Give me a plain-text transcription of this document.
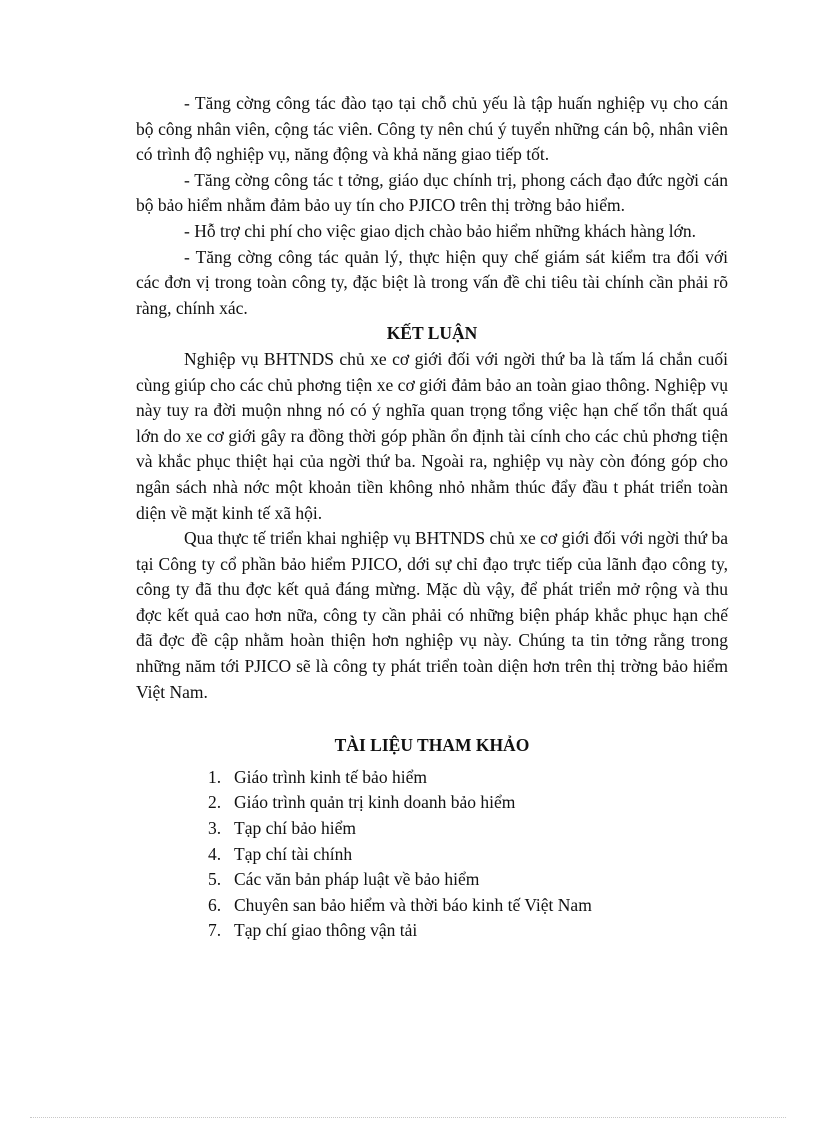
- Tăng cờng công tác đào tạo tại chỗ chủ yếu là tập huấn nghiệp vụ cho cán bộ công nhân viên, cộng tác viên. Công ty nên chú ý tuyển những cán bộ, nhân viên có trình độ nghiệp vụ, năng động và khả năng giao tiếp tốt.

- Tăng cờng công tác t tởng, giáo dục chính trị, phong cách đạo đức ngời cán bộ bảo hiểm nhằm đảm bảo uy tín cho PJICO trên thị trờng bảo hiểm.

- Hỗ trợ chi phí cho việc giao dịch chào bảo hiểm những khách hàng lớn.

- Tăng cờng công tác quản lý, thực hiện quy chế giám sát kiểm tra đối với các đơn vị trong toàn công ty, đặc biệt là trong vấn đề chi tiêu tài chính cần phải rõ ràng, chính xác.

KẾT LUẬN

Nghiệp vụ BHTNDS chủ xe cơ giới đối với ngời thứ ba là tấm lá chắn cuối cùng giúp cho các chủ phơng tiện xe cơ giới đảm bảo an toàn giao thông. Nghiệp vụ này tuy ra đời muộn nhng nó có ý nghĩa quan trọng tổng việc hạn chế tổn thất quá lớn do xe cơ giới gây ra đồng thời góp phần ổn định tài cính cho các chủ phơng tiện và khắc phục thiệt hại của ngời thứ ba. Ngoài ra, nghiệp vụ này còn đóng góp cho ngân sách nhà nớc một khoản tiền không nhỏ nhằm thúc đẩy đầu t phát triển toàn diện về mặt kinh tế xã hội.

Qua thực tế triển khai nghiệp vụ BHTNDS chủ xe cơ giới đối với ngời thứ ba tại Công ty cổ phần bảo hiểm PJICO, dới sự chỉ đạo trực tiếp của lãnh đạo công ty, công ty đã thu đợc kết quả đáng mừng. Mặc dù vậy, để phát triển mở rộng và thu đợc kết quả cao hơn nữa, công ty cần phải có những biện pháp khắc phục hạn chế đã đợc đề cập nhằm hoàn thiện hơn nghiệp vụ này. Chúng ta tin tởng rằng trong những năm tới PJICO sẽ là công ty phát triển toàn diện hơn trên thị trờng bảo hiểm Việt Nam.

TÀI LIỆU THAM KHẢO
1. Giáo trình kinh tế bảo hiểm
2. Giáo trình quản trị kinh doanh bảo hiểm
3. Tạp chí bảo hiểm
4. Tạp chí tài chính
5. Các văn bản pháp luật về bảo hiểm
6. Chuyên san bảo hiểm và thời báo kinh tế Việt Nam
7. Tạp chí giao thông vận tải
